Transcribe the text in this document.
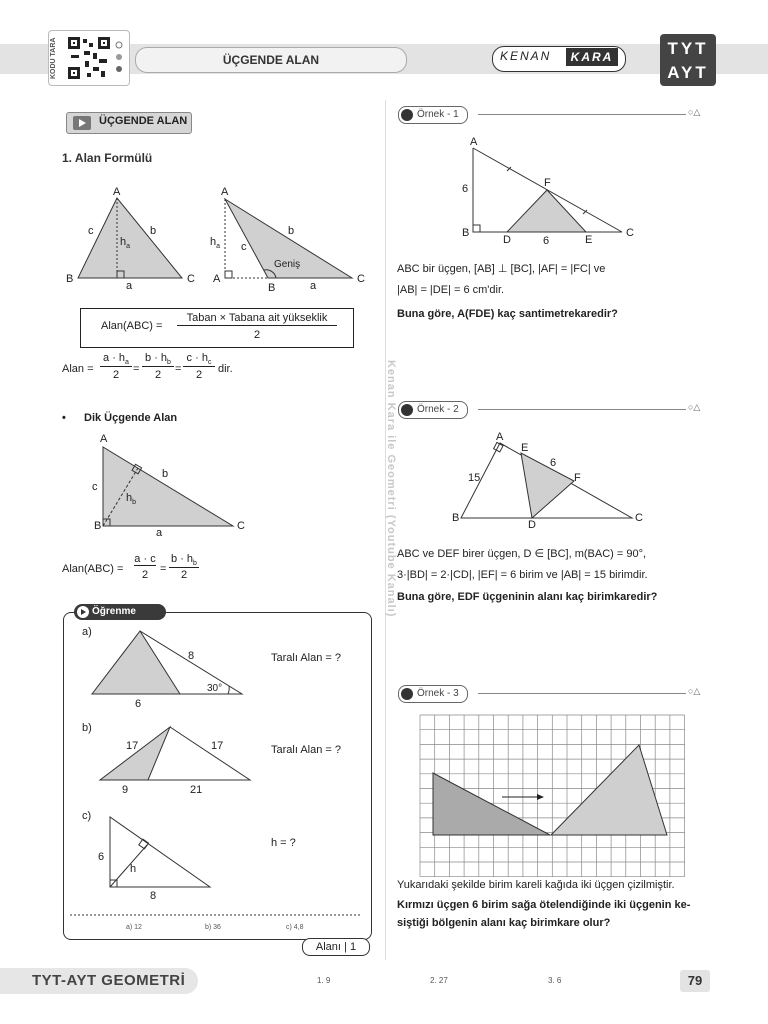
KODU TARA	ÜÇGENDE ALAN	KENAN	KARA	TYT
AYT
ÜÇGENDE ALAN
1. Alan Formülü
A
B	C
a
b
c
$h_a$
A
A
B
C
a
b
c
$h_a$
Geniş
Alan(ABC) =
Taban × Tabana ait yükseklik
2
Alan =
$a \cdot h_a$
2	=
$b \cdot h_b$
2	=
$c \cdot h_c$
2	dir.
• Dik Üçgende Alan
A
B	C
a
b
c
$h_b$
Alan(ABC) =
a · c
2	=
$b \cdot h_b$
2
Öğrenme
a)
8
6
30°
Taralı Alan = ?
b)
17	17
9	21
Taralı Alan = ?
c)
6
h
8
h = ?
a) 12	b) 36	c) 4,8
Alanı | 1
Kenan Kara ile Geometri (Youtube Kanalı)
Örnek - 1	○△
A
B	C
D	E
F
6
6
ABC bir üçgen, [AB] ⊥ [BC], |AF| = |FC| ve
|AB| = |DE| = 6 cm'dir.
Buna göre, A(FDE) kaç santimetrekaredir?
Örnek - 2	○△
A
B	C
D
E
F
15
6
ABC ve DEF birer üçgen, D ∈ [BC], m(BAC) = 90°,
3·|BD| = 2·|CD|, |EF| = 6 birim ve |AB| = 15 birimdir.
Buna göre, EDF üçgeninin alanı kaç birimkaredir?
Örnek - 3	○△
Yukarıdaki şekilde birim kareli kağıda iki üçgen çizilmiştir.
Kırmızı üçgen 6 birim sağa ötelendiğinde iki üçgenin ke-
siştiği bölgenin alanı kaç birimkare olur?
TYT-AYT GEOMETRİ	1. 9	2. 27	3. 6	79
